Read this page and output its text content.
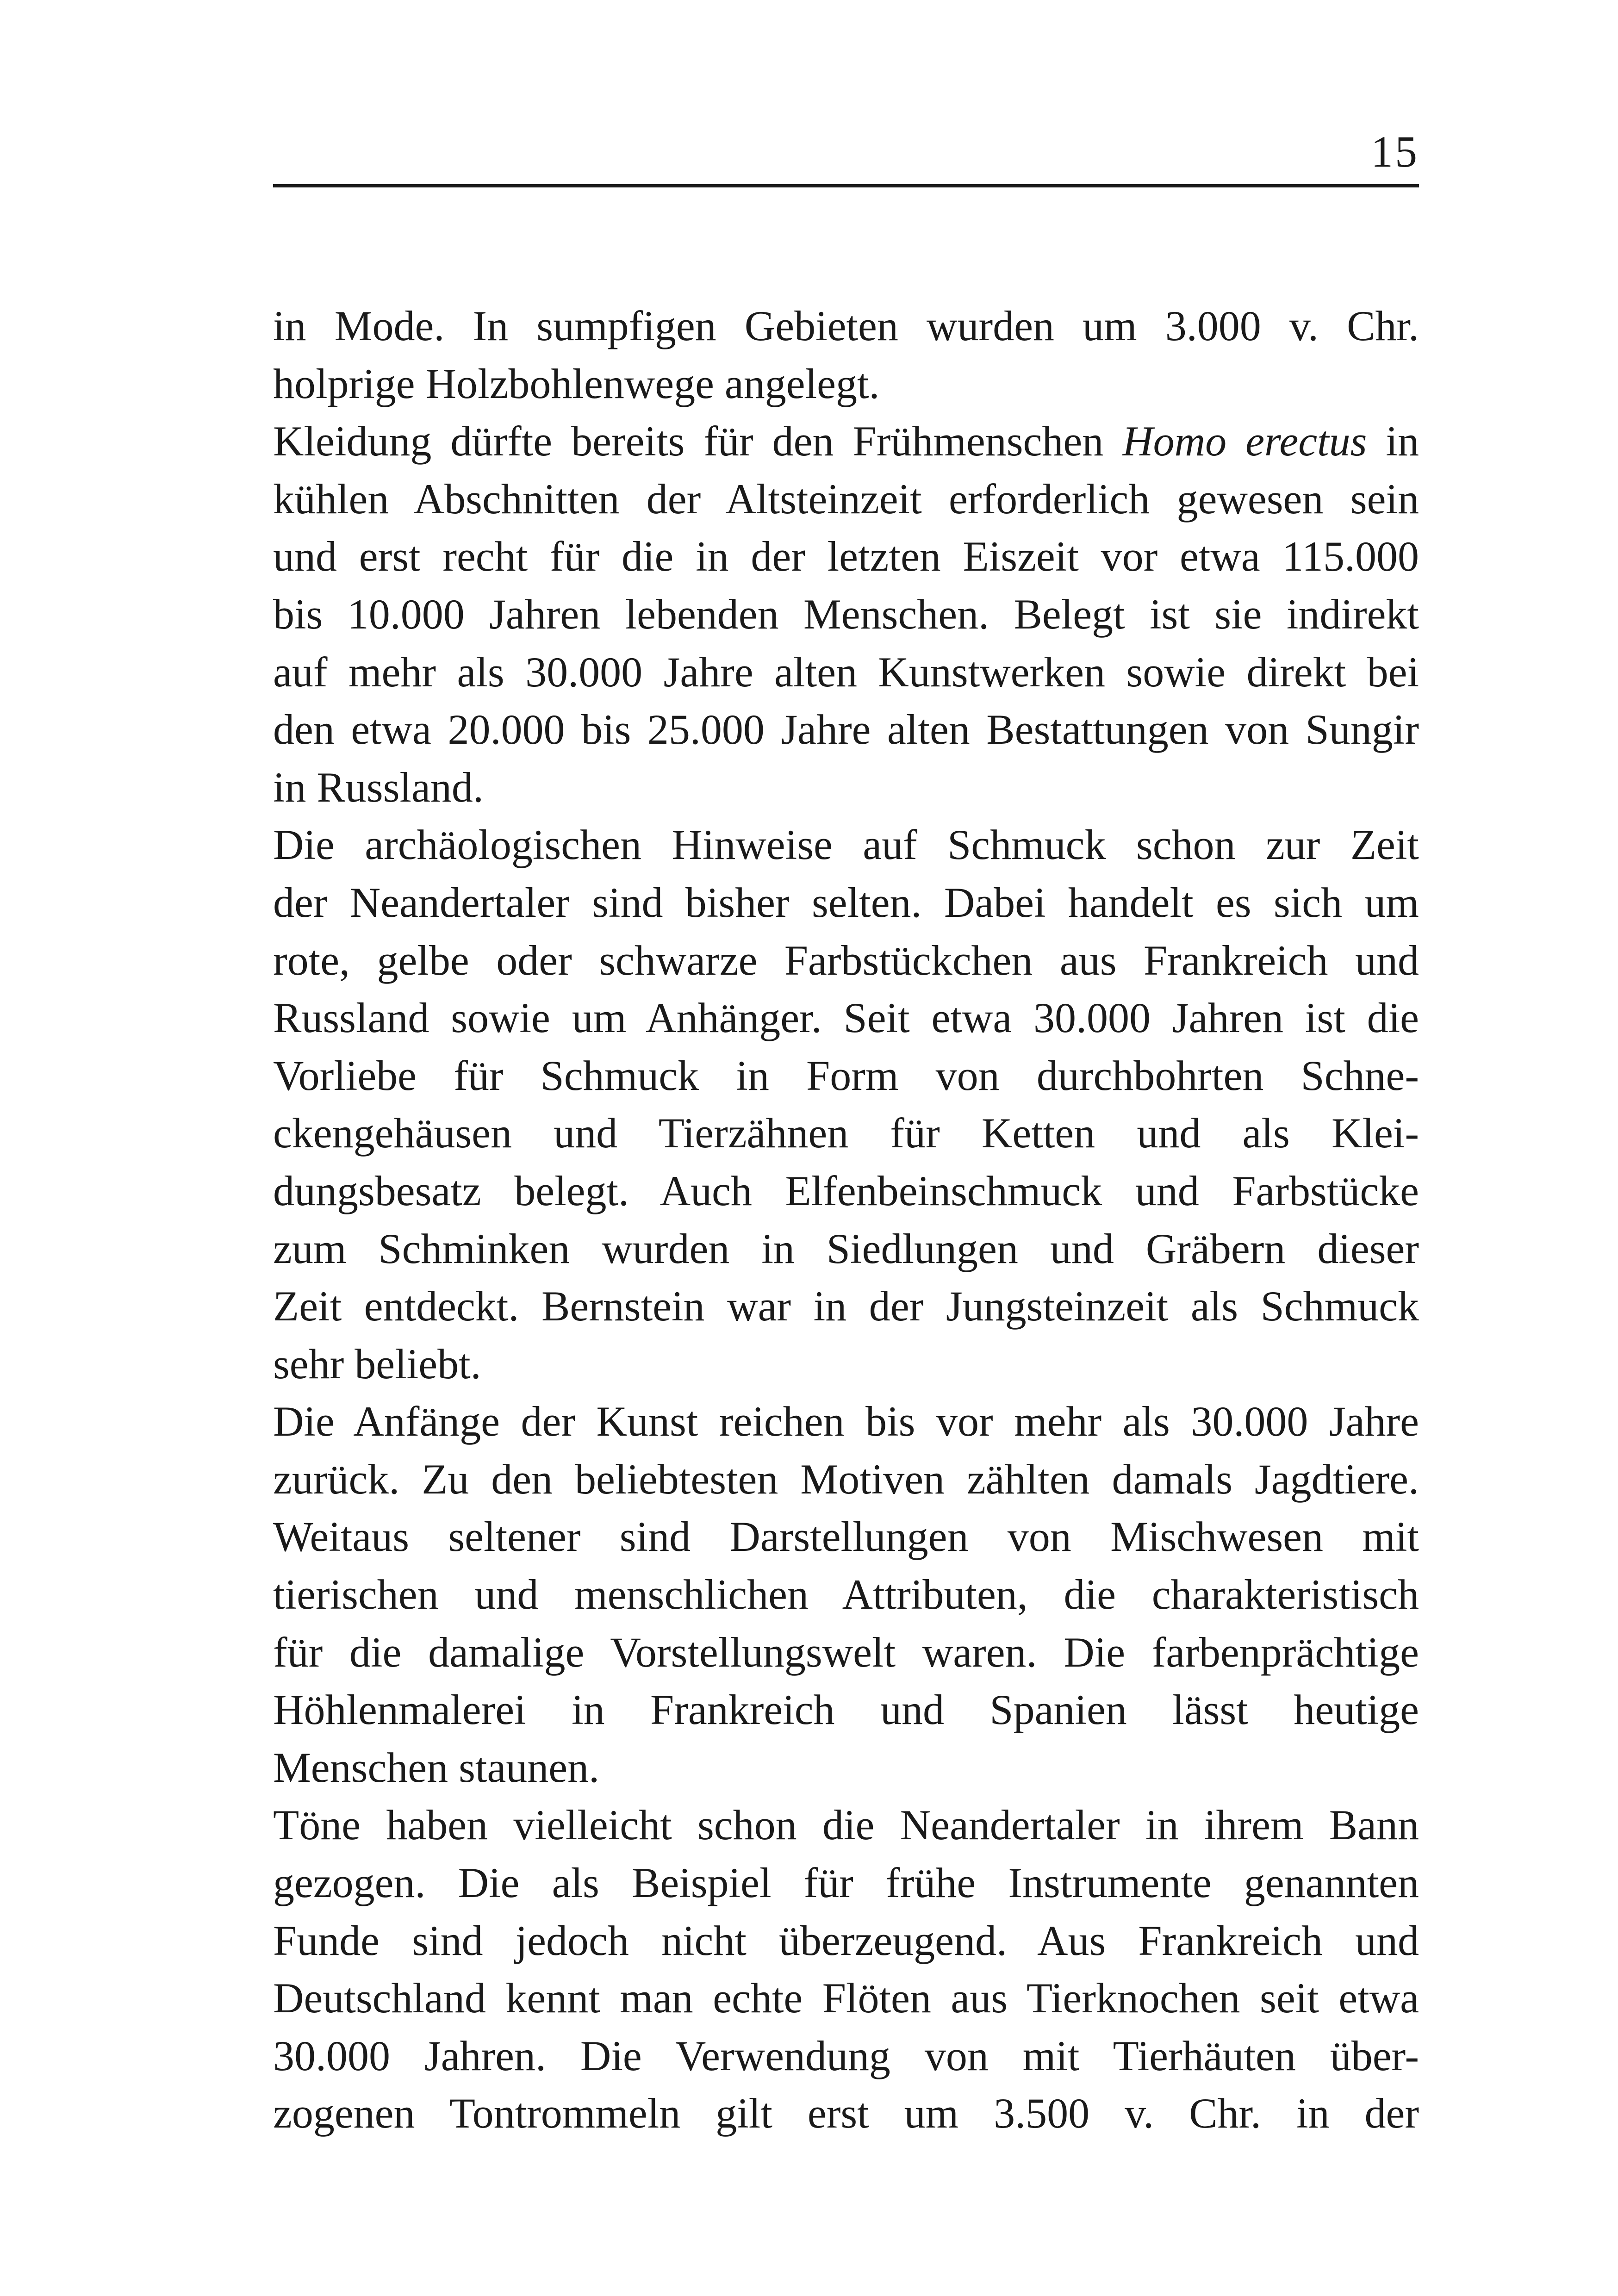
15
in Mode. In sumpfigen Gebieten wurden um 3.000 v. Chr.
holprige Holzbohlenwege angelegt.
Kleidung dürfte bereits für den Frühmenschen Homo erectus in
kühlen Abschnitten der Altsteinzeit erforderlich gewesen sein
und erst recht für die in der letzten Eiszeit vor etwa 115.000
bis 10.000 Jahren lebenden Menschen. Belegt ist sie indirekt
auf mehr als 30.000 Jahre alten Kunstwerken sowie direkt bei
den etwa 20.000 bis 25.000 Jahre alten Bestattungen von Sungir
in Russland.
Die archäologischen Hinweise auf Schmuck schon zur Zeit
der Neandertaler sind bisher selten. Dabei handelt es sich um
rote, gelbe oder schwarze Farbstückchen aus Frankreich und
Russland sowie um Anhänger. Seit etwa 30.000 Jahren ist die
Vorliebe für Schmuck in Form von durchbohrten Schne-
ckengehäusen und Tierzähnen für Ketten und als Klei-
dungsbesatz belegt. Auch Elfenbeinschmuck und Farbstücke
zum Schminken wurden in Siedlungen und Gräbern dieser
Zeit entdeckt. Bernstein war in der Jungsteinzeit als Schmuck
sehr beliebt.
Die Anfänge der Kunst reichen bis vor mehr als 30.000 Jahre
zurück. Zu den beliebtesten Motiven zählten damals Jagdtiere.
Weitaus seltener sind Darstellungen von Mischwesen mit
tierischen und menschlichen Attributen, die charakteristisch
für die damalige Vorstellungswelt waren. Die farbenprächtige
Höhlenmalerei in Frankreich und Spanien lässt heutige
Menschen staunen.
Töne haben vielleicht schon die Neandertaler in ihrem Bann
gezogen. Die als Beispiel für frühe Instrumente genannten
Funde sind jedoch nicht überzeugend. Aus Frankreich und
Deutschland kennt man echte Flöten aus Tierknochen seit etwa
30.000 Jahren. Die Verwendung von mit Tierhäuten über-
zogenen Tontrommeln gilt erst um 3.500 v. Chr. in der
